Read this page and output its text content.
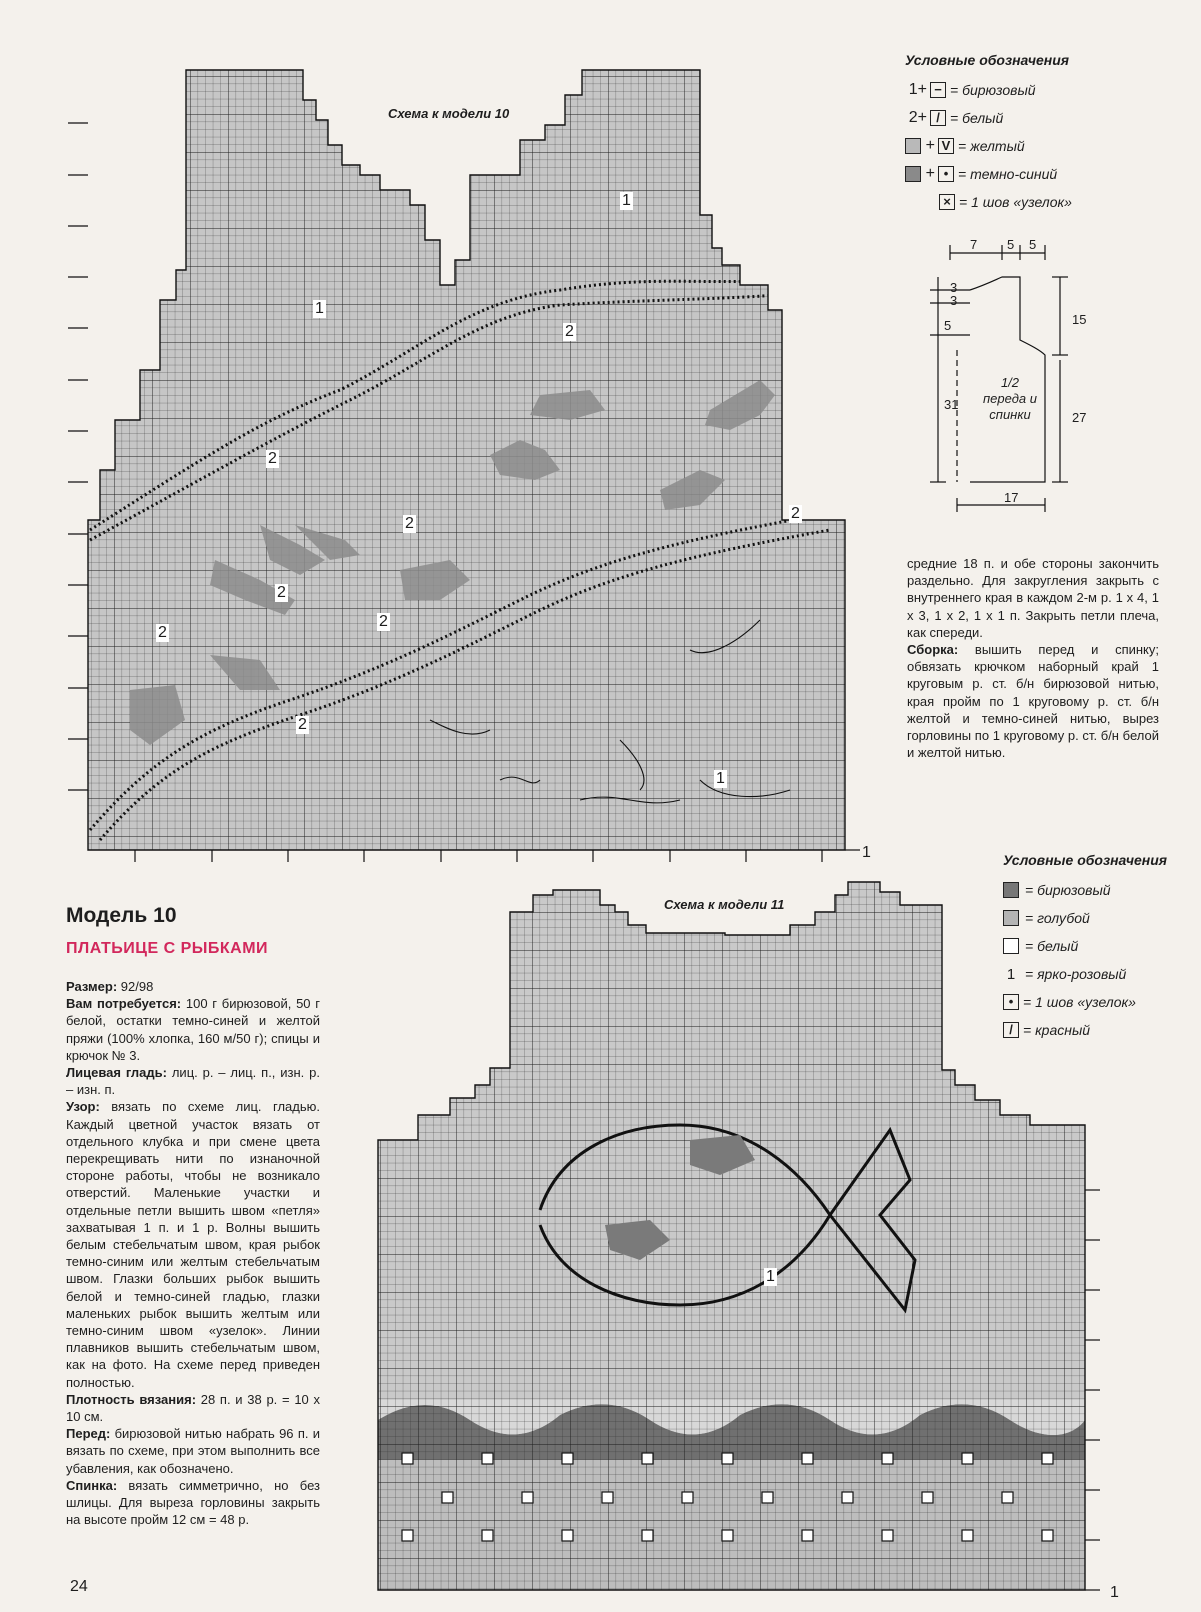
Схема к модели 10
1
1
1
2
2
2
2
2
2
2
2
1
Условные обозначения
1+ − = бирюзовый
2+ / = белый
+ V = желтый
+ • = темно-синий
× = 1 шов «узелок»
7 5 5
3
3
5	15
31
27
17
1/2
переда и
спинки
средние 18 п. и обе стороны закончить раздельно. Для закругления закрыть с внутреннего края в каждом 2-м р. 1 х 4, 1 х 3, 1 х 2, 1 х 1 п. Закрыть петли плеча, как спереди.
Сборка: вышить перед и спинку; обвязать крючком наборный край 1 круговым р. ст. б/н бирюзовой нитью, края пройм по 1 круговому р. ст. б/н желтой и темно-синей нитью, вырез горловины по 1 круговому р. ст. б/н белой и желтой нитью.
Условные обозначения
= бирюзовый
= голубой
= белый
1 = ярко-розовый
• = 1 шов «узелок»
/ = красный
Схема к модели 11
1
1
Модель 10
ПЛАТЬИЦЕ С РЫБКАМИ
Размер: 92/98
Вам потребуется: 100 г бирюзовой, 50 г белой, остатки темно-синей и желтой пряжи (100% хлопка, 160 м/50 г); спицы и крючок № 3.
Лицевая гладь: лиц. р. – лиц. п., изн. р. – изн. п.
Узор: вязать по схеме лиц. гладью. Каждый цветной участок вязать от отдельного клубка и при смене цвета перекрещивать нити по изнаночной стороне работы, чтобы не возникало отверстий. Маленькие участки и отдельные петли вышить швом «петля» захватывая 1 п. и 1 р. Волны вышить белым стебельчатым швом, края рыбок темно-синим или желтым стебельчатым швом. Глазки больших рыбок вышить белой и темно-синей гладью, глазки маленьких рыбок вышить желтым или темно-синим швом «узелок». Линии плавников вышить стебельчатым швом, как на фото. На схеме перед приведен полностью.
Плотность вязания: 28 п. и 38 р. = 10 х 10 см.
Перед: бирюзовой нитью набрать 96 п. и вязать по схеме, при этом выполнить все убавления, как обозначено.
Спинка: вязать симметрично, но без шлицы. Для выреза горловины закрыть на высоте пройм 12 см = 48 р.
24
